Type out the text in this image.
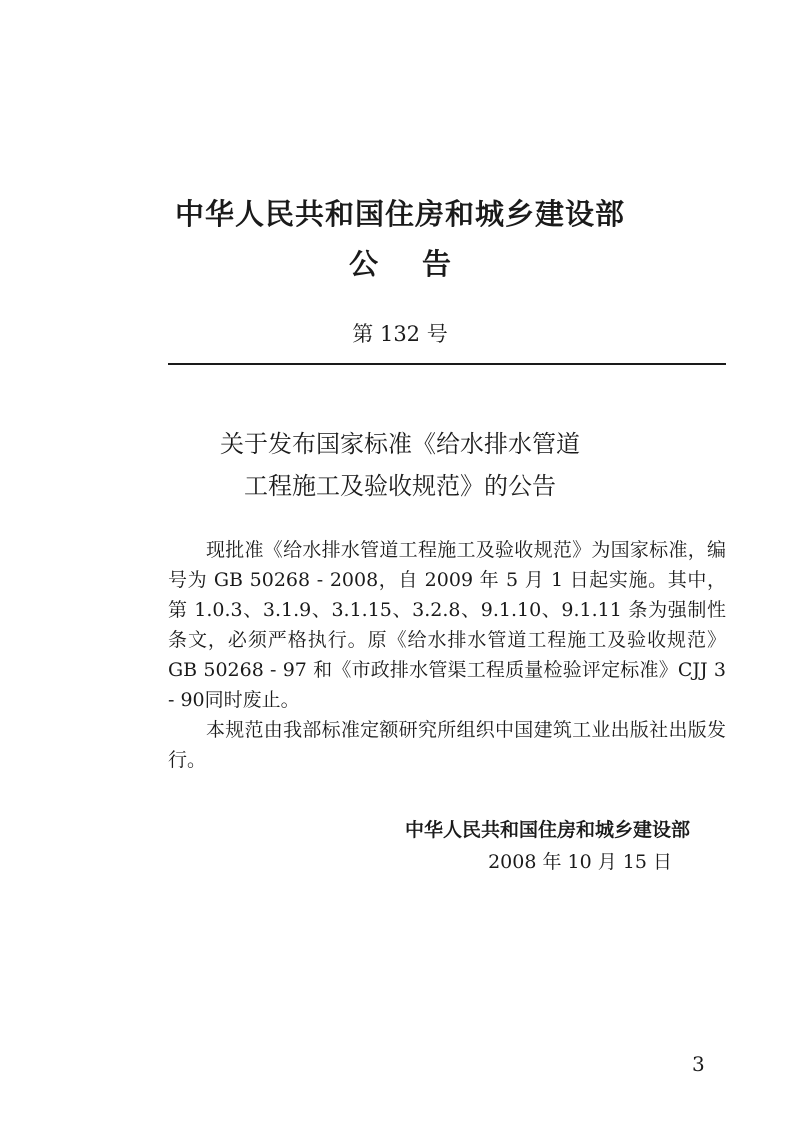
中华人民共和国住房和城乡建设部
公告
第 132 号
关于发布国家标准《给水排水管道
工程施工及验收规范》的公告

现批准《给水排水管道工程施工及验收规范》为国家标准，编号为 GB 50268 - 2008，自 2009 年 5 月 1 日起实施。其中，第 1.0.3、3.1.9、3.1.15、3.2.8、9.1.10、9.1.11 条为强制性条文，必须严格执行。原《给水排水管道工程施工及验收规范》GB 50268 - 97 和《市政排水管渠工程质量检验评定标准》CJJ 3 - 90同时废止。

本规范由我部标准定额研究所组织中国建筑工业出版社出版发行。

中华人民共和国住房和城乡建设部
2008 年 10 月 15 日
3
